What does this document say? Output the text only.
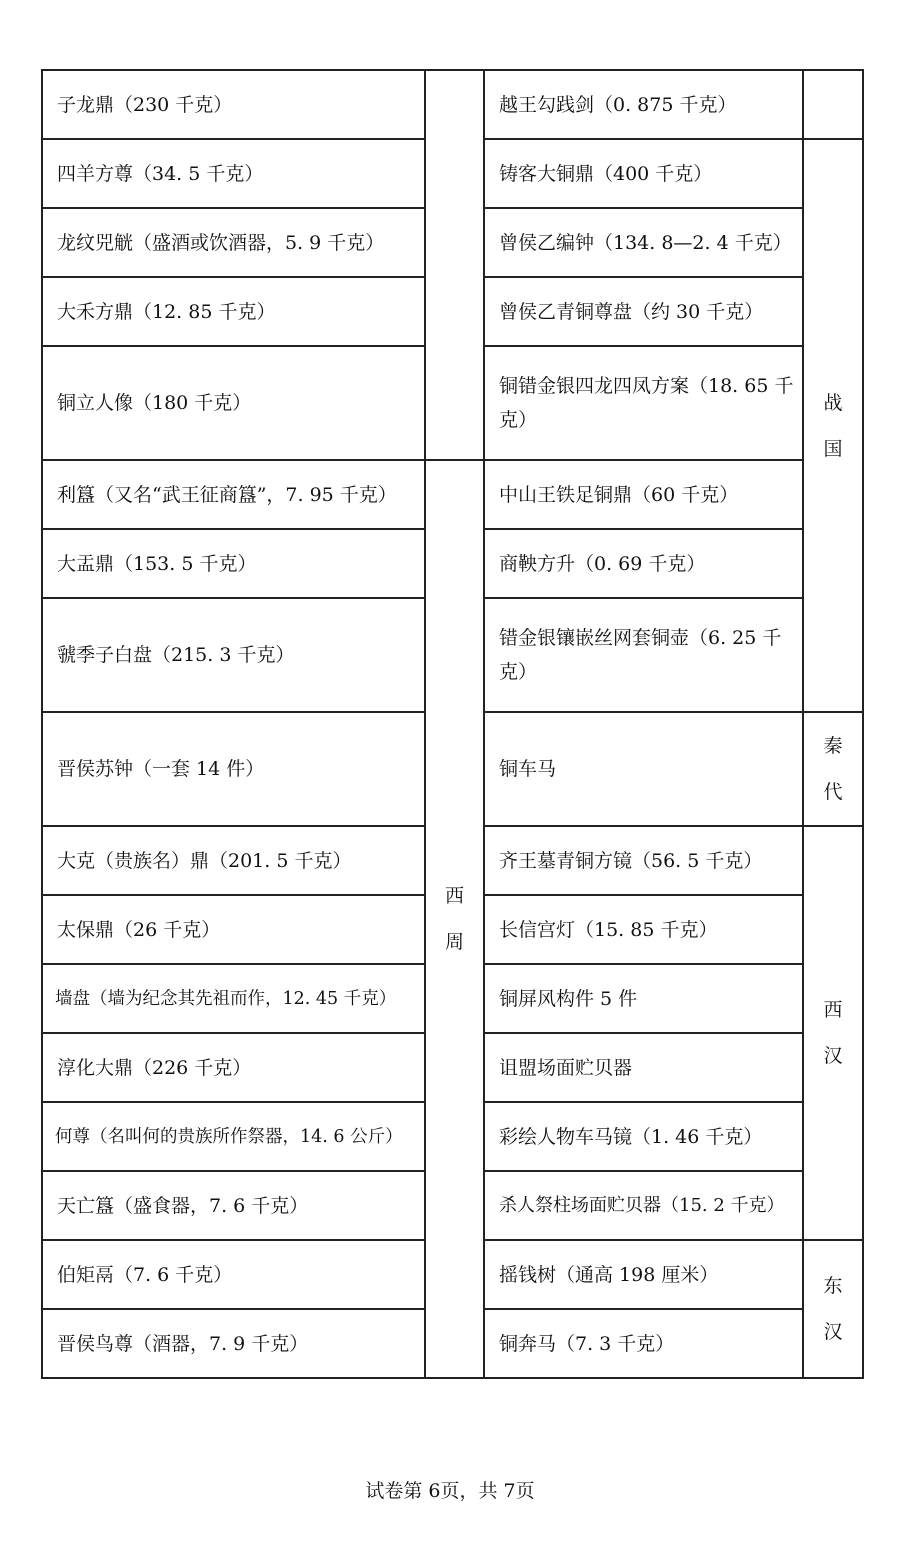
子龙鼎（230 千克）		越王勾践剑（0. 875 千克）	
四羊方尊（34. 5 千克）		铸客大铜鼎（400 千克）	战国
龙纹兕觥（盛酒或饮酒器，5. 9 千克）		曾侯乙编钟（134. 8—2. 4 千克）	
大禾方鼎（12. 85 千克）		曾侯乙青铜尊盘（约 30 千克）	
铜立人像（180 千克）		铜错金银四龙四凤方案（18. 65 千克）	
利簋（又名“武王征商簋”，7. 95 千克）	西周	中山王铁足铜鼎（60 千克）	
大盂鼎（153. 5 千克）		商鞅方升（0. 69 千克）	
虢季子白盘（215. 3 千克）		错金银镶嵌丝网套铜壶（6. 25 千克）	
晋侯苏钟（一套 14 件）		铜车马	秦代
大克（贵族名）鼎（201. 5 千克）		齐王墓青铜方镜（56. 5 千克）	西汉
太保鼎（26 千克）		长信宫灯（15. 85 千克）	
墙盘（墙为纪念其先祖而作，12. 45 千克）		铜屏风构件 5 件	
淳化大鼎（226 千克）		诅盟场面贮贝器	
何尊（名叫何的贵族所作祭器，14. 6 公斤）		彩绘人物车马镜（1. 46 千克）	
天亡簋（盛食器，7. 6 千克）		杀人祭柱场面贮贝器（15. 2 千克）	
伯矩鬲（7. 6 千克）		摇钱树（通高 198 厘米）	东汉
晋侯鸟尊（酒器，7. 9 千克）		铜奔马（7. 3 千克）	
试卷第 6页，共 7页
